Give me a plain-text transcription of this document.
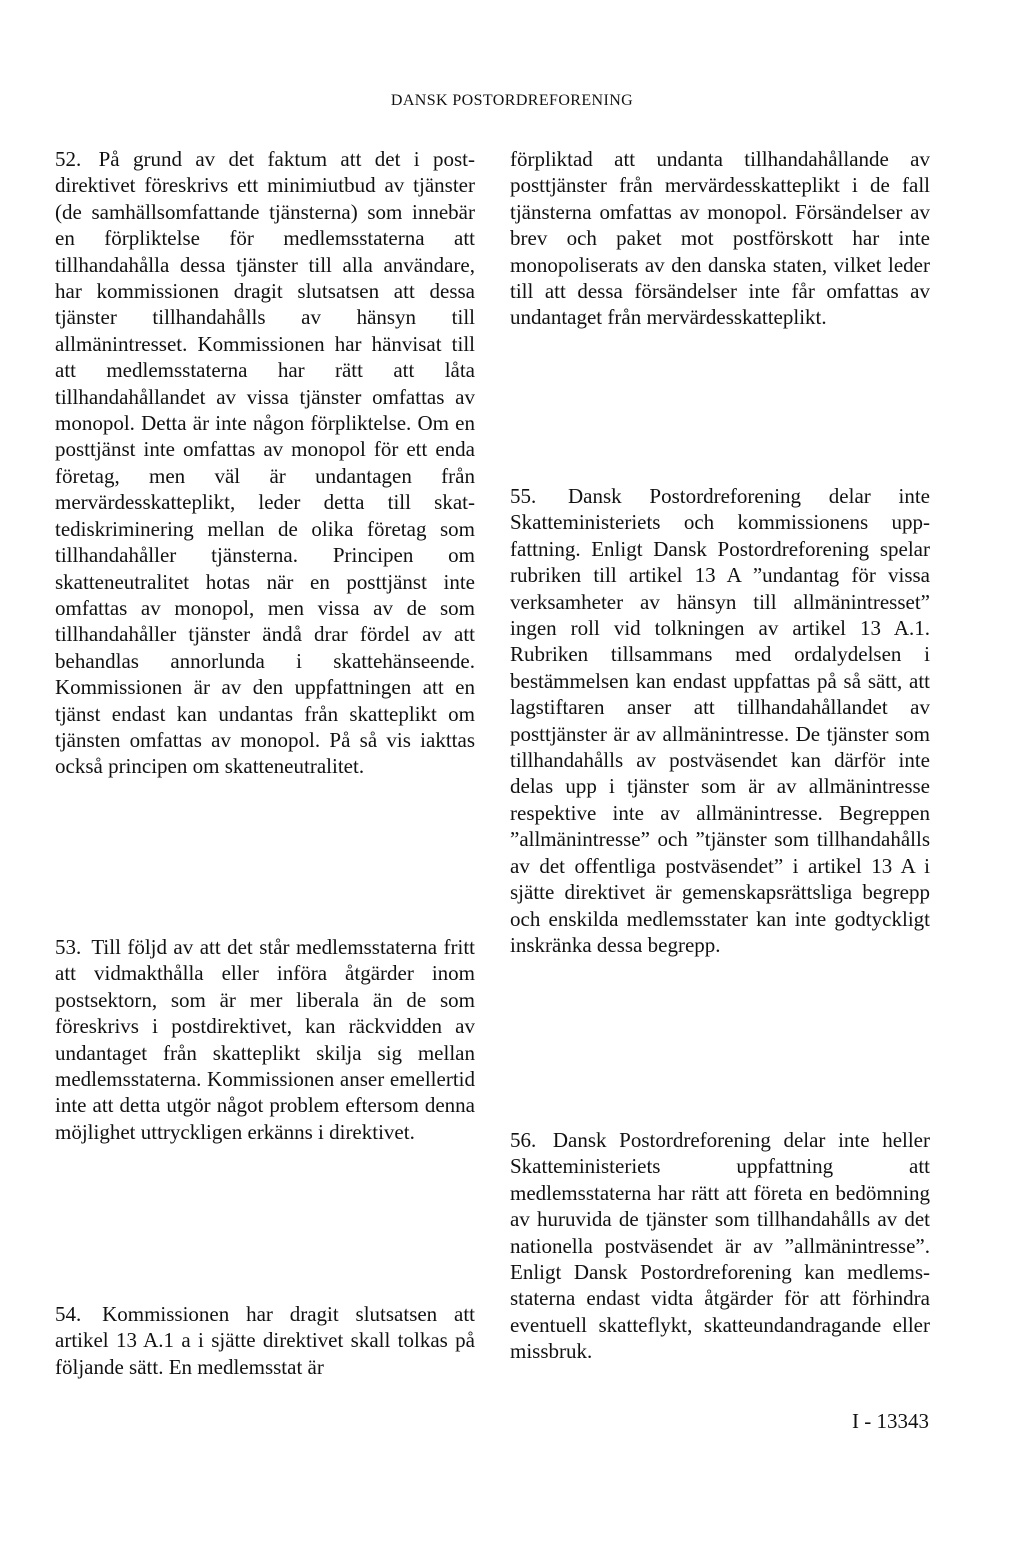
DANSK POSTORDREFORENING

52. På grund av det faktum att det i postdirektivet föreskrivs ett minimiutbud av tjänster (de samhällsomfattande tjänsterna) som innebär en förpliktelse för medlemsstaterna att tillhandahålla dessa tjänster till alla användare, har kommissionen dragit slutsatsen att dessa tjänster tillhandahålls av hänsyn till allmänintresset. Kommissionen har hänvisat till att medlemsstaterna har rätt att låta tillhandahållandet av vissa tjänster omfattas av monopol. Detta är inte någon förpliktelse. Om en posttjänst inte omfattas av monopol för ett enda företag, men väl är undantagen från mervärdesskatteplikt, leder detta till skattediskriminering mellan de olika företag som tillhandahåller tjänsterna. Principen om skatteneutralitet hotas när en posttjänst inte omfattas av monopol, men vissa av de som tillhandahåller tjänster ändå drar fördel av att behandlas annorlunda i skattehänseende. Kommissionen är av den uppfattningen att en tjänst endast kan undantas från skatteplikt om tjänsten omfattas av monopol. På så vis iakttas också principen om skatteneutralitet.

53. Till följd av att det står medlemsstaterna fritt att vidmakthålla eller införa åtgärder inom postsektorn, som är mer liberala än de som föreskrivs i postdirektivet, kan räckvidden av undantaget från skatteplikt skilja sig mellan medlemsstaterna. Kommissionen anser emellertid inte att detta utgör något problem eftersom denna möjlighet uttryckligen erkänns i direktivet.

54. Kommissionen har dragit slutsatsen att artikel 13 A.1 a i sjätte direktivet skall tolkas på följande sätt. En medlemsstat är

förpliktad att undanta tillhandahållande av posttjänster från mervärdesskatteplikt i de fall tjänsterna omfattas av monopol. Försändelser av brev och paket mot postförskott har inte monopoliserats av den danska staten, vilket leder till att dessa försändelser inte får omfattas av undantaget från mervärdesskatteplikt.

55. Dansk Postordreforening delar inte Skatteministeriets och kommissionens uppfattning. Enligt Dansk Postordreforening spelar rubriken till artikel 13 A ”undantag för vissa verksamheter av hänsyn till allmänintresset” ingen roll vid tolkningen av artikel 13 A.1. Rubriken tillsammans med ordalydelsen i bestämmelsen kan endast uppfattas på så sätt, att lagstiftaren anser att tillhandahållandet av posttjänster är av allmänintresse. De tjänster som tillhandahålls av postväsendet kan därför inte delas upp i tjänster som är av allmänintresse respektive inte av allmänintresse. Begreppen ”allmänintresse” och ”tjänster som tillhandahålls av det offentliga postväsendet” i artikel 13 A i sjätte direktivet är gemenskapsrättsliga begrepp och enskilda medlemsstater kan inte godtyckligt inskränka dessa begrepp.

56. Dansk Postordreforening delar inte heller Skatteministeriets uppfattning att medlemsstaterna har rätt att företa en bedömning av huruvida de tjänster som tillhandahålls av det nationella postväsendet är av ”allmänintresse”. Enligt Dansk Postordreforening kan medlemsstaterna endast vidta åtgärder för att förhindra eventuell skatteflykt, skatteundandragande eller missbruk.

I - 13343
